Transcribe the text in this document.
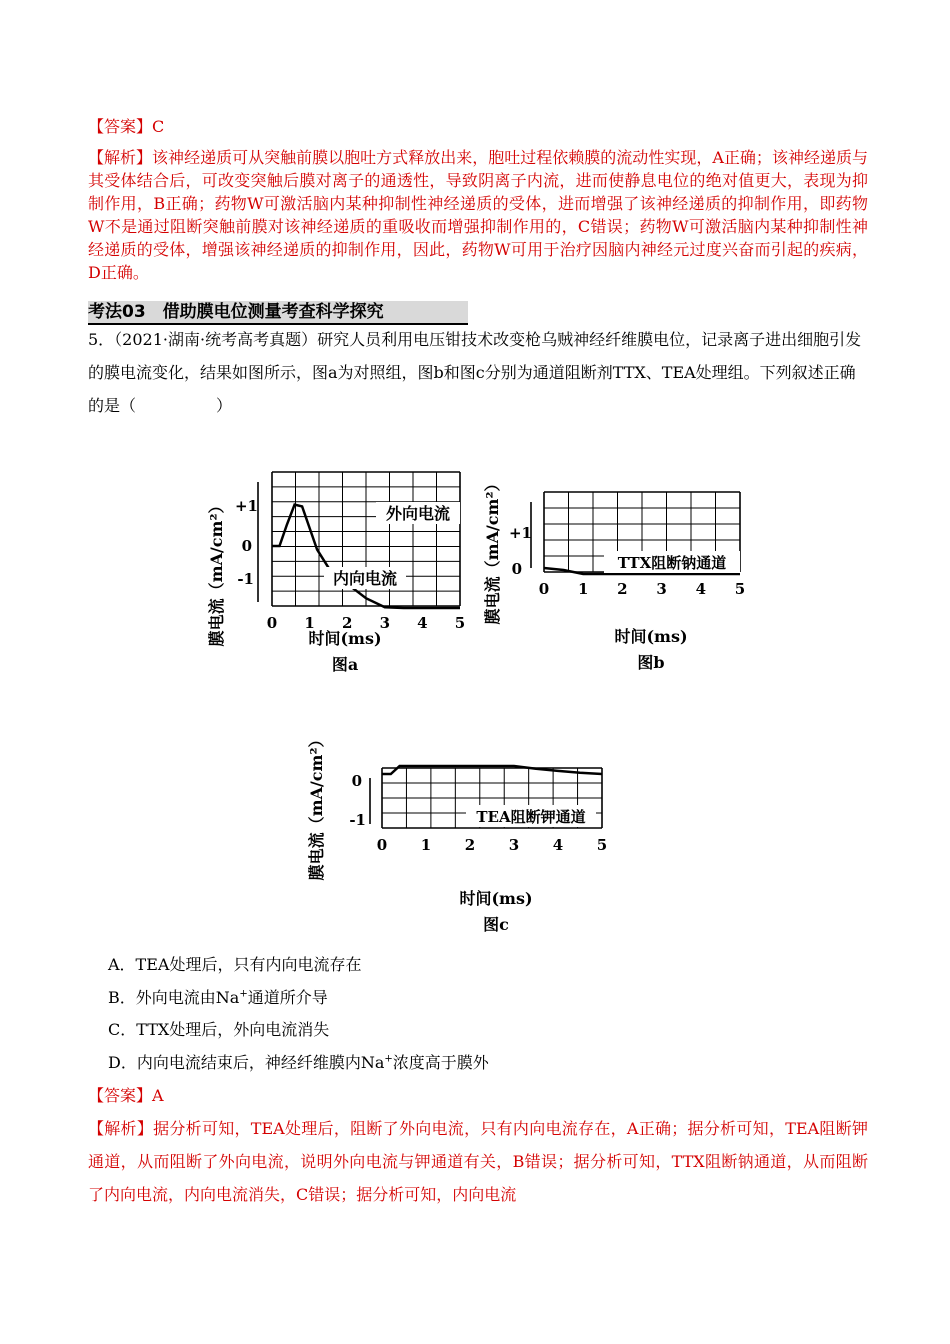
【答案】C
【解析】该神经递质可从突触前膜以胞吐方式释放出来，胞吐过程依赖膜的流动性实现，A正确；该神经递质与其受体结合后，可改变突触后膜对离子的通透性，导致阴离子内流，进而使静息电位的绝对值更大，表现为抑制作用，B正确；药物W可激活脑内某种抑制性神经递质的受体，进而增强了该神经递质的抑制作用，即药物W不是通过阻断突触前膜对该神经递质的重吸收而增强抑制作用的，C错误；药物W可激活脑内某种抑制性神经递质的受体，增强该神经递质的抑制作用，因此，药物W可用于治疗因脑内神经元过度兴奋而引起的疾病，D正确。
考法03　借助膜电位测量考查科学探究
5．（2021·湖南·统考高考真题）研究人员利用电压钳技术改变枪乌贼神经纤维膜电位，记录离子进出细胞引发的膜电流变化，结果如图所示，图a为对照组，图b和图c分别为通道阻断剂TTX、TEA处理组。下列叙述正确的是（　　　　　）
膜电流（mA/cm²） +1
0
-1
0 1 2 3 4 5
外向电流
内向电流
时间(ms)
图a
膜电流（mA/cm²） +1
0
0 1 2 3 4 5
TTX阻断钠通道
时间(ms)
图b
膜电流（mA/cm²） 0
-1
0 1 2 3 4 5
TEA阻断钾通道
时间(ms)
图c
A．TEA处理后，只有内向电流存在
B．外向电流由Na+通道所介导
C．TTX处理后，外向电流消失
D．内向电流结束后，神经纤维膜内Na+浓度高于膜外
【答案】A
【解析】据分析可知，TEA处理后，阻断了外向电流，只有内向电流存在，A正确；据分析可知，TEA阻断钾通道，从而阻断了外向电流，说明外向电流与钾通道有关，B错误；据分析可知，TTX阻断钠通道，从而阻断了内向电流，内向电流消失，C错误；据分析可知，内向电流
